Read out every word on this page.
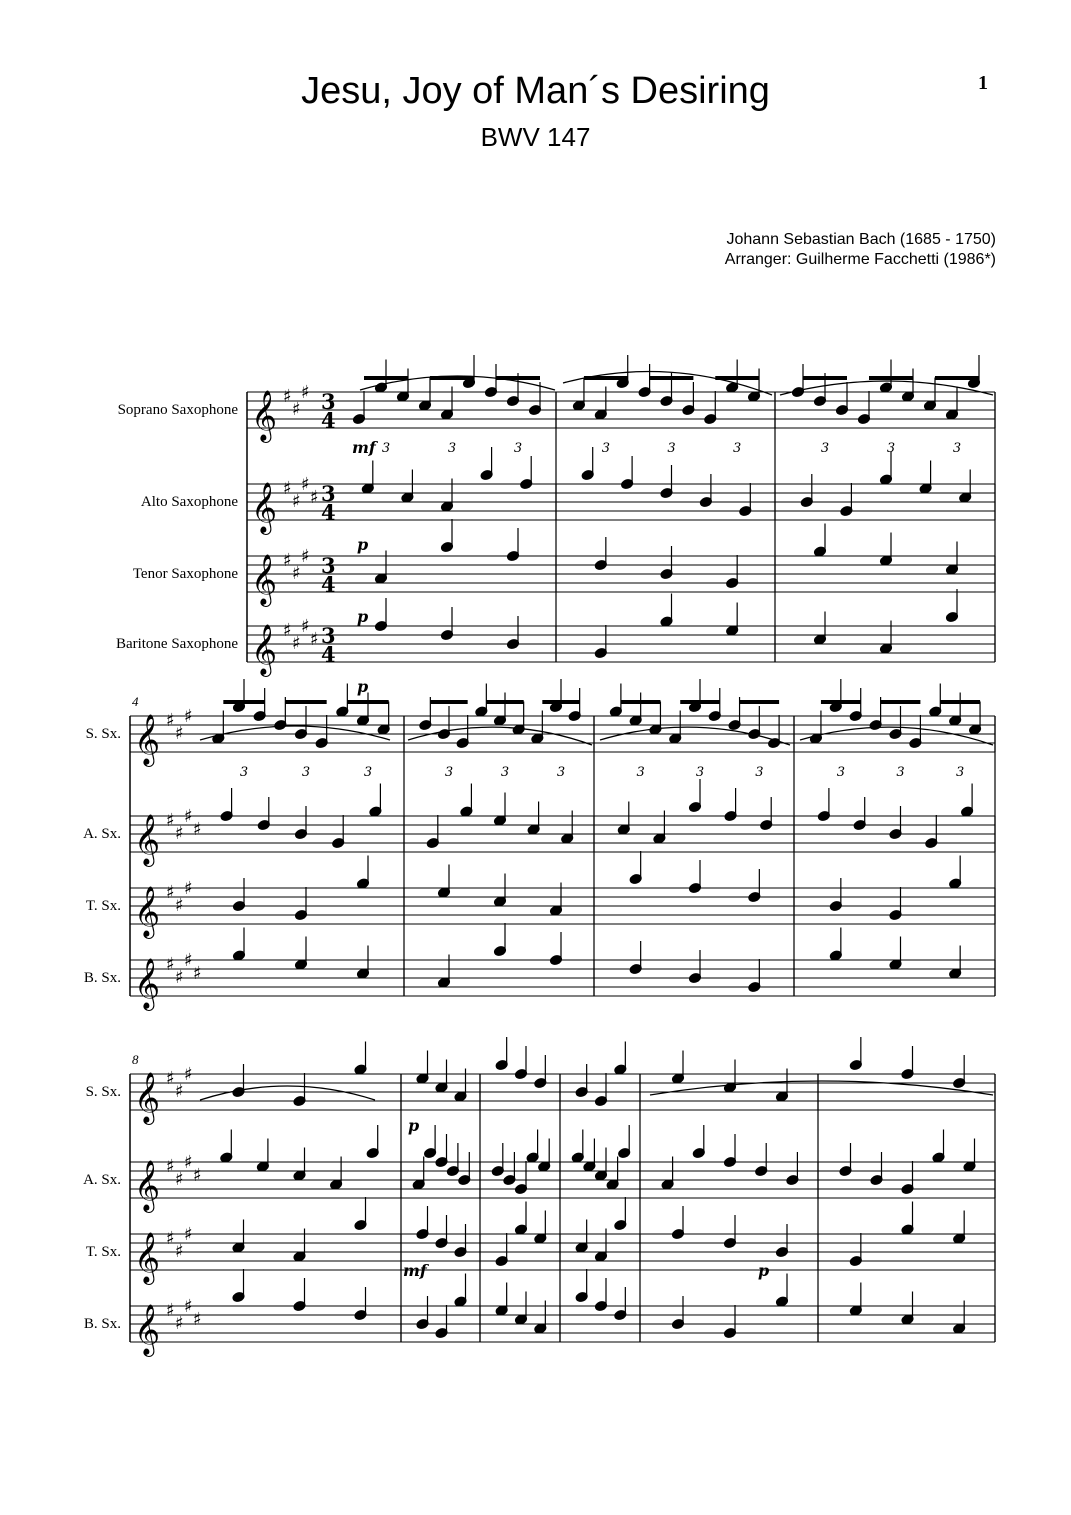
1
Jesu, Joy of Man´s Desiring
BWV 147
Johann Sebastian Bach (1685 - 1750)
Arranger: Guilherme Facchetti (1986*)
Soprano Saxophone 𝄞 ♯
♯
♯ 3
4
Alto Saxophone 𝄞 ♯
♯
♯
♯ 3
4
Tenor Saxophone 𝄞 ♯
♯
♯ 3
4
Baritone Saxophone 𝄞 ♯
♯
♯
♯ 3
4
3	3	3	3	3	3	3	3	3
S. Sx. 𝄞 ♯
♯
♯
A. Sx. 𝄞 ♯
♯
♯
♯
T. Sx. 𝄞 ♯
♯
♯
B. Sx. 𝄞 ♯
♯
♯
♯
4
3	3	3	3	3	3	3	3	3	3	3	3
S. Sx. 𝄞 ♯
♯
♯
A. Sx. 𝄞 ♯
♯
♯
♯
T. Sx. 𝄞 ♯
♯
♯
B. Sx. 𝄞 ♯
♯
♯
♯
8
mf
p
p
p
p
mf	p
